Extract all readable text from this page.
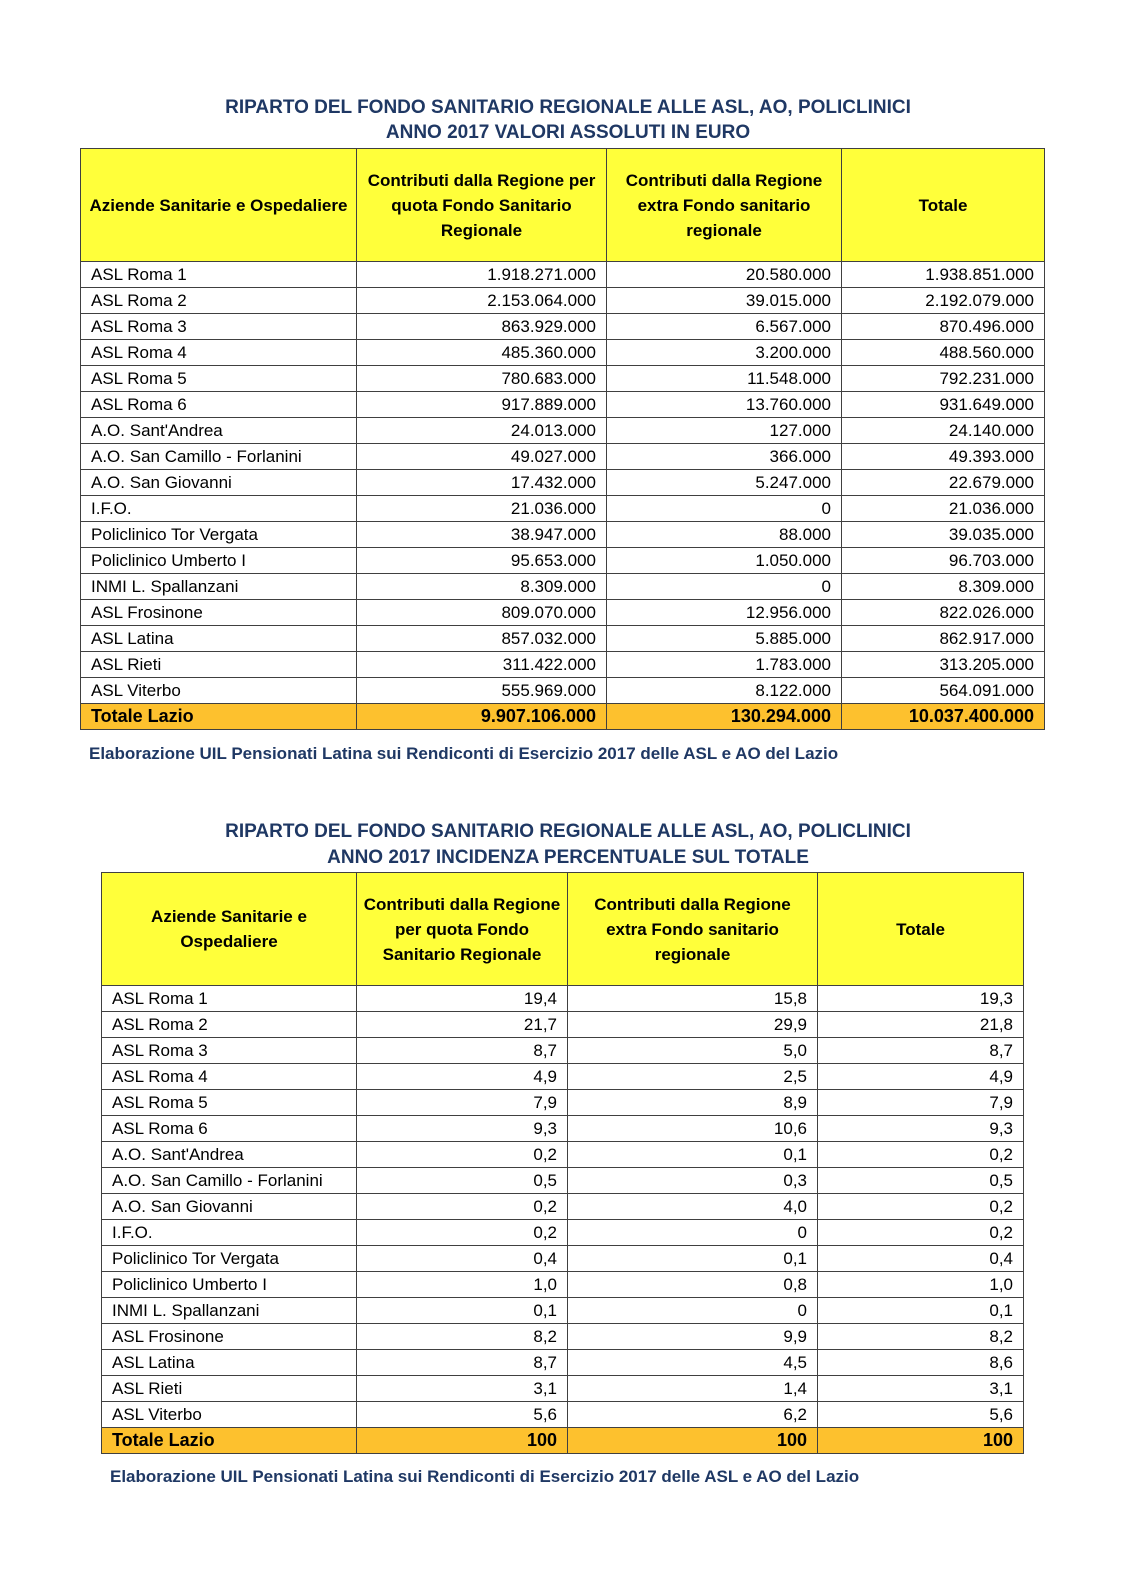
RIPARTO DEL FONDO SANITARIO REGIONALE ALLE ASL, AO, POLICLINICI

ANNO 2017 VALORI ASSOLUTI IN EURO

Aziende Sanitarie e Ospedaliere	Contributi dalla Regione per quota Fondo Sanitario Regionale	Contributi dalla Regione extra Fondo sanitario regionale	Totale
ASL Roma 1	1.918.271.000	20.580.000	1.938.851.000
ASL Roma 2	2.153.064.000	39.015.000	2.192.079.000
ASL Roma 3	863.929.000	6.567.000	870.496.000
ASL Roma 4	485.360.000	3.200.000	488.560.000
ASL Roma 5	780.683.000	11.548.000	792.231.000
ASL Roma 6	917.889.000	13.760.000	931.649.000
A.O. Sant'Andrea	24.013.000	127.000	24.140.000
A.O. San Camillo - Forlanini	49.027.000	366.000	49.393.000
A.O. San Giovanni	17.432.000	5.247.000	22.679.000
I.F.O.	21.036.000	0	21.036.000
Policlinico Tor Vergata	38.947.000	88.000	39.035.000
Policlinico Umberto I	95.653.000	1.050.000	96.703.000
INMI L. Spallanzani	8.309.000	0	8.309.000
ASL Frosinone	809.070.000	12.956.000	822.026.000
ASL Latina	857.032.000	5.885.000	862.917.000
ASL Rieti	311.422.000	1.783.000	313.205.000
ASL Viterbo	555.969.000	8.122.000	564.091.000
Totale Lazio	9.907.106.000	130.294.000	10.037.400.000

Elaborazione UIL Pensionati Latina sui Rendiconti di Esercizio 2017 delle ASL e AO del Lazio

RIPARTO DEL FONDO SANITARIO REGIONALE ALLE ASL, AO, POLICLINICI

ANNO 2017 INCIDENZA PERCENTUALE SUL TOTALE

Aziende Sanitarie e Ospedaliere	Contributi dalla Regione per quota Fondo Sanitario Regionale	Contributi dalla Regione extra Fondo sanitario regionale	Totale
ASL Roma 1	19,4	15,8	19,3
ASL Roma 2	21,7	29,9	21,8
ASL Roma 3	8,7	5,0	8,7
ASL Roma 4	4,9	2,5	4,9
ASL Roma 5	7,9	8,9	7,9
ASL Roma 6	9,3	10,6	9,3
A.O. Sant'Andrea	0,2	0,1	0,2
A.O. San Camillo - Forlanini	0,5	0,3	0,5
A.O. San Giovanni	0,2	4,0	0,2
I.F.O.	0,2	0	0,2
Policlinico Tor Vergata	0,4	0,1	0,4
Policlinico Umberto I	1,0	0,8	1,0
INMI L. Spallanzani	0,1	0	0,1
ASL Frosinone	8,2	9,9	8,2
ASL Latina	8,7	4,5	8,6
ASL Rieti	3,1	1,4	3,1
ASL Viterbo	5,6	6,2	5,6
Totale Lazio	100	100	100

Elaborazione UIL Pensionati Latina sui Rendiconti di Esercizio 2017 delle ASL e AO del Lazio
